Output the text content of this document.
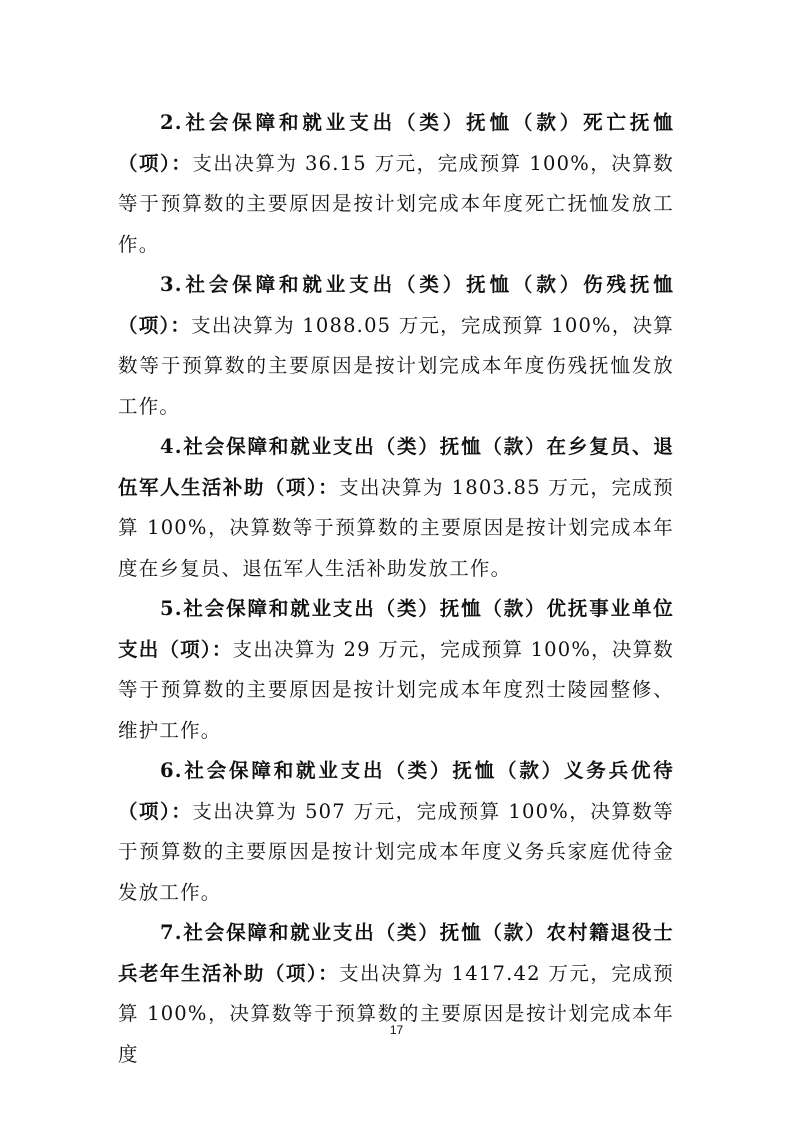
2.社会保障和就业支出（类）抚恤（款）死亡抚恤（项）：支出决算为 36.15 万元，完成预算 100%，决算数等于预算数的主要原因是按计划完成本年度死亡抚恤发放工作。

3.社会保障和就业支出（类）抚恤（款）伤残抚恤（项）：支出决算为 1088.05 万元，完成预算 100%，决算数等于预算数的主要原因是按计划完成本年度伤残抚恤发放工作。

4.社会保障和就业支出（类）抚恤（款）在乡复员、退伍军人生活补助（项）：支出决算为 1803.85 万元，完成预算 100%，决算数等于预算数的主要原因是按计划完成本年度在乡复员、退伍军人生活补助发放工作。

5.社会保障和就业支出（类）抚恤（款）优抚事业单位支出（项）：支出决算为 29 万元，完成预算 100%，决算数等于预算数的主要原因是按计划完成本年度烈士陵园整修、维护工作。

6.社会保障和就业支出（类）抚恤（款）义务兵优待（项）：支出决算为 507 万元，完成预算 100%，决算数等于预算数的主要原因是按计划完成本年度义务兵家庭优待金发放工作。

7.社会保障和就业支出（类）抚恤（款）农村籍退役士兵老年生活补助（项）：支出决算为 1417.42 万元，完成预算 100%，决算数等于预算数的主要原因是按计划完成本年度

17
